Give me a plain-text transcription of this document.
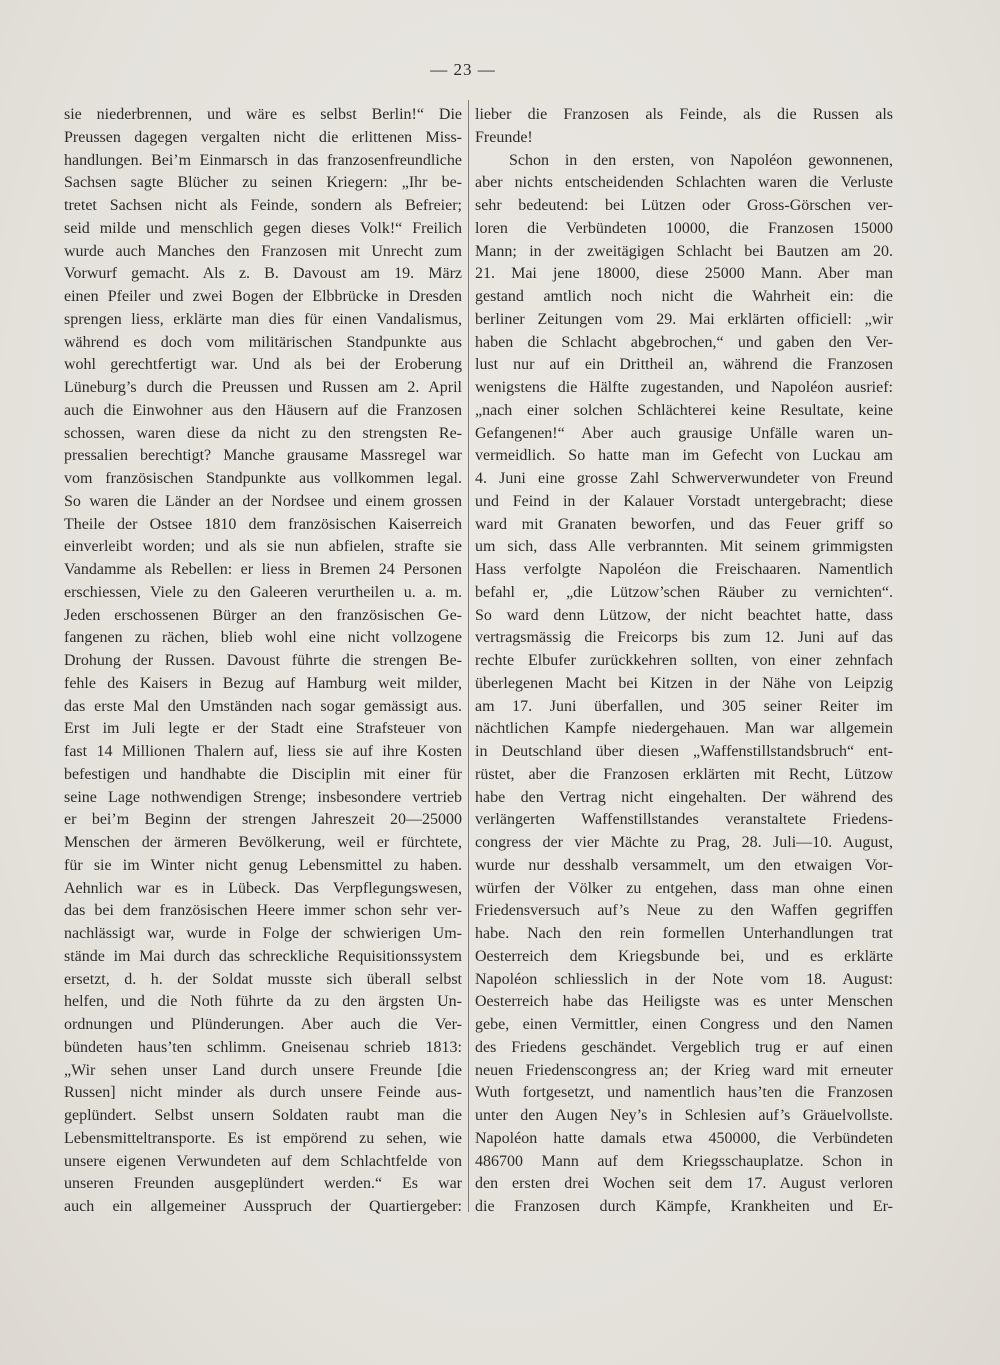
— 23 —
sie niederbrennen, und wäre es selbst Berlin!“ Die
Preussen dagegen vergalten nicht die erlittenen Miss-
handlungen. Bei’m Einmarsch in das franzosenfreundliche
Sachsen sagte Blücher zu seinen Kriegern: „Ihr be-
tretet Sachsen nicht als Feinde, sondern als Befreier;
seid milde und menschlich gegen dieses Volk!“ Freilich
wurde auch Manches den Franzosen mit Unrecht zum
Vorwurf gemacht. Als z. B. Davoust am 19. März
einen Pfeiler und zwei Bogen der Elbbrücke in Dresden
sprengen liess, erklärte man dies für einen Vandalismus,
während es doch vom militärischen Standpunkte aus
wohl gerechtfertigt war. Und als bei der Eroberung
Lüneburg’s durch die Preussen und Russen am 2. April
auch die Einwohner aus den Häusern auf die Franzosen
schossen, waren diese da nicht zu den strengsten Re-
pressalien berechtigt? Manche grausame Massregel war
vom französischen Standpunkte aus vollkommen legal.
So waren die Länder an der Nordsee und einem grossen
Theile der Ostsee 1810 dem französischen Kaiserreich
einverleibt worden; und als sie nun abfielen, strafte sie
Vandamme als Rebellen: er liess in Bremen 24 Personen
erschiessen, Viele zu den Galeeren verurtheilen u. a. m.
Jeden erschossenen Bürger an den französischen Ge-
fangenen zu rächen, blieb wohl eine nicht vollzogene
Drohung der Russen. Davoust führte die strengen Be-
fehle des Kaisers in Bezug auf Hamburg weit milder,
das erste Mal den Umständen nach sogar gemässigt aus.
Erst im Juli legte er der Stadt eine Strafsteuer von
fast 14 Millionen Thalern auf, liess sie auf ihre Kosten
befestigen und handhabte die Disciplin mit einer für
seine Lage nothwendigen Strenge; insbesondere vertrieb
er bei’m Beginn der strengen Jahreszeit 20—25000
Menschen der ärmeren Bevölkerung, weil er fürchtete,
für sie im Winter nicht genug Lebensmittel zu haben.
Aehnlich war es in Lübeck. Das Verpflegungswesen,
das bei dem französischen Heere immer schon sehr ver-
nachlässigt war, wurde in Folge der schwierigen Um-
stände im Mai durch das schreckliche Requisitionssystem
ersetzt, d. h. der Soldat musste sich überall selbst
helfen, und die Noth führte da zu den ärgsten Un-
ordnungen und Plünderungen. Aber auch die Ver-
bündeten haus’ten schlimm. Gneisenau schrieb 1813:
„Wir sehen unser Land durch unsere Freunde [die
Russen] nicht minder als durch unsere Feinde aus-
geplündert. Selbst unsern Soldaten raubt man die
Lebensmitteltransporte. Es ist empörend zu sehen, wie
unsere eigenen Verwundeten auf dem Schlachtfelde von
unseren Freunden ausgeplündert werden.“ Es war
auch ein allgemeiner Ausspruch der Quartiergeber:
lieber die Franzosen als Feinde, als die Russen als
Freunde!
Schon in den ersten, von Napoléon gewonnenen,
aber nichts entscheidenden Schlachten waren die Verluste
sehr bedeutend: bei Lützen oder Gross-Görschen ver-
loren die Verbündeten 10000, die Franzosen 15000
Mann; in der zweitägigen Schlacht bei Bautzen am 20.
21. Mai jene 18000, diese 25000 Mann. Aber man
gestand amtlich noch nicht die Wahrheit ein: die
berliner Zeitungen vom 29. Mai erklärten officiell: „wir
haben die Schlacht abgebrochen,“ und gaben den Ver-
lust nur auf ein Drittheil an, während die Franzosen
wenigstens die Hälfte zugestanden, und Napoléon ausrief:
„nach einer solchen Schlächterei keine Resultate, keine
Gefangenen!“ Aber auch grausige Unfälle waren un-
vermeidlich. So hatte man im Gefecht von Luckau am
4. Juni eine grosse Zahl Schwerverwundeter von Freund
und Feind in der Kalauer Vorstadt untergebracht; diese
ward mit Granaten beworfen, und das Feuer griff so
um sich, dass Alle verbrannten. Mit seinem grimmigsten
Hass verfolgte Napoléon die Freischaaren. Namentlich
befahl er, „die Lützow’schen Räuber zu vernichten“.
So ward denn Lützow, der nicht beachtet hatte, dass
vertragsmässig die Freicorps bis zum 12. Juni auf das
rechte Elbufer zurückkehren sollten, von einer zehnfach
überlegenen Macht bei Kitzen in der Nähe von Leipzig
am 17. Juni überfallen, und 305 seiner Reiter im
nächtlichen Kampfe niedergehauen. Man war allgemein
in Deutschland über diesen „Waffenstillstandsbruch“ ent-
rüstet, aber die Franzosen erklärten mit Recht, Lützow
habe den Vertrag nicht eingehalten. Der während des
verlängerten Waffenstillstandes veranstaltete Friedens-
congress der vier Mächte zu Prag, 28. Juli—10. August,
wurde nur desshalb versammelt, um den etwaigen Vor-
würfen der Völker zu entgehen, dass man ohne einen
Friedensversuch auf’s Neue zu den Waffen gegriffen
habe. Nach den rein formellen Unterhandlungen trat
Oesterreich dem Kriegsbunde bei, und es erklärte
Napoléon schliesslich in der Note vom 18. August:
Oesterreich habe das Heiligste was es unter Menschen
gebe, einen Vermittler, einen Congress und den Namen
des Friedens geschändet. Vergeblich trug er auf einen
neuen Friedenscongress an; der Krieg ward mit erneuter
Wuth fortgesetzt, und namentlich haus’ten die Franzosen
unter den Augen Ney’s in Schlesien auf’s Gräuelvollste.
Napoléon hatte damals etwa 450000, die Verbündeten
486700 Mann auf dem Kriegsschauplatze. Schon in
den ersten drei Wochen seit dem 17. August verloren
die Franzosen durch Kämpfe, Krankheiten und Er-
